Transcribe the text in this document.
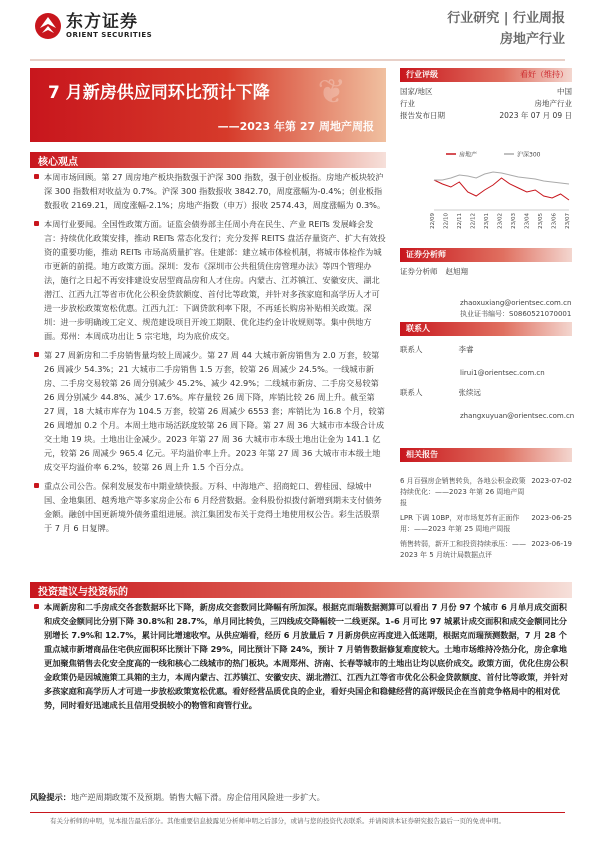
东方证券
ORIENT SECURITIES
行业研究 | 行业周报
房地产行业
❦
7 月新房供应同环比预计下降
——2023 年第 27 周地产周报
核心观点
本周市场回顾。第 27 周房地产板块指数强于沪深 300 指数，强于创业板指。房地产板块较沪深 300 指数相对收益为 0.7%。沪深 300 指数报收 3842.70，周度涨幅为-0.4%；创业板指数报收 2169.21，周度涨幅-2.1%；房地产指数（申万）报收 2574.43，周度涨幅为 0.3%。
本周行业要闻。全国性政策方面。证监会债券部主任周小舟在民生、产业 REITs 发展峰会发言：持续优化政策安排，推动 REITs 常态化发行；充分发挥 REITS 盘活存量资产、扩大有效投资的重要功能，推动 REITs 市场高质量扩容。住建部：建立城市体检机制，将城市体检作为城市更新的前提。地方政策方面。深圳：发布《深圳市公共租赁住房管理办法》等四个管理办法，施行之日起不再安排建设安居型商品房和人才住房。内蒙古、江苏镇江、安徽安庆、湖北潜江、江西九江等省市优化公积金贷款额度、首付比等政策，并针对多孩家庭和高学历人才可进一步放松政策宽松优惠。江西九江：下调贷款利率下限，不再延长购房补贴相关政策。深圳：进一步明确竣工定义、规范建设项目开竣工期限、优化违约金计收规则等。集中供地方面。郑州：本周成功出让 5 宗宅地，均为底价成交。
第 27 周新房和二手房销售量均较上周减少。第 27 周 44 大城市新房销售为 2.0 万套，较第 26 周减少 54.3%；21 大城市二手房销售 1.5 万套，较第 26 周减少 24.5%。一线城市新房、二手房交易较第 26 周分别减少 45.2%、减少 42.9%；二线城市新房、二手房交易较第 26 周分别减少 44.8%、减少 17.6%。库存量较 26 周下降，库销比较 26 周上升。截至第 27 周，18 大城市库存为 104.5 万套，较第 26 周减少 6553 套；库销比为 16.8 个月，较第 26 周增加 0.2 个月。本周土地市场活跃度较第 26 周下降。第 27 周 36 大城市市本级合计成交土地 19 块。土地出让金减少。2023 年第 27 周 36 大城市市本级土地出让金为 141.1 亿元，较第 26 周减少 965.4 亿元。平均溢价率上升。2023 年第 27 周 36 大城市市本级土地成交平均溢价率 6.2%，较第 26 周上升 1.5 个百分点。
重点公司公告。保利发展发布中期业绩快报。万科、中海地产、招商蛇口、碧桂园、绿城中国、金地集团、越秀地产等多家房企公布 6 月经营数据。金科股份拟拨付新增到期未支付债务金额。融创中国更新境外债务重组进展。滨江集团发布关于竞得土地使用权公告。彩生活股票于 7 月 6 日复牌。
投资建议与投资标的
本周新房和二手房成交各套数据环比下降，新房成交套数同比降幅有所加深。根据克而瑞数据测算可以看出 7 月份 97 个城市 6 月单月成交面积和成交金额同比分别下降 30.8%和 28.7%，单月同比转负，三四线成交降幅较一二线更深。1-6 月可比 97 城累计成交面积和成交金额同比分别增长 7.9%和 12.7%，累计同比增速收窄。从供应端看，经历 6 月放量后 7 月新房供应再度进入低迷期，根据克而瑞预测数据，7 月 28 个重点城市新增商品住宅供应面积环比预计下降 29%，同比预计下降 24%，预计 7 月销售数据修复难度较大。土地市场维持冷热分化，房企拿地更加聚焦销售去化安全度高的一线和核心二线城市的热门板块。本周郑州、济南、长春等城市的土地出让均以底价成交。政策方面，优化住房公积金政策仍是因城施策工具箱的主力，本周内蒙古、江苏镇江、安徽安庆、湖北潜江、江西九江等省市优化公积金贷款额度、首付比等政策，并针对多孩家庭和高学历人才可进一步放松政策宽松优惠。看好经营品质优良的企业，看好央国企和稳健经营的高评级民企在当前竞争格局中的相对优势，同时看好迅速成长且信用受损较小的物管和商管行业。
风险提示：地产逆周期政策不及预期。销售大幅下滑。房企信用风险进一步扩大。
行业评级	看好（维持）
国家/地区	中国
行业	房地产行业
报告发布日期	2023 年 07 月 09 日
房地产	沪深300
22/09 22/10 22/11 22/12 23/01 23/02 23/03 23/04 23/05 23/06 23/07
证券分析师
证券分析师 赵旭翔
zhaoxuxiang@orientsec.com.cn
执业证书编号：S0860521070001
联系人
联系人	李睿
lirui1@orientsec.com.cn
联系人	张续远
zhangxuyuan@orientsec.com.cn
相关报告
6 月百强房企销售转负，各地公积金政策持续优化：——2023 年第 26 周地产周报
2023-07-02
LPR 下调 10BP，对市场复苏有正面作用：——2023 年第 25 周地产周报
2023-06-25
销售转弱，新开工和投资持续承压：——2023 年 5 月统计局数据点评
2023-06-19
有关分析师的申明，见本报告最后部分。其他重要信息披露见分析师申明之后部分，或请与您的投资代表联系。并请阅读本证券研究报告最后一页的免责申明。
